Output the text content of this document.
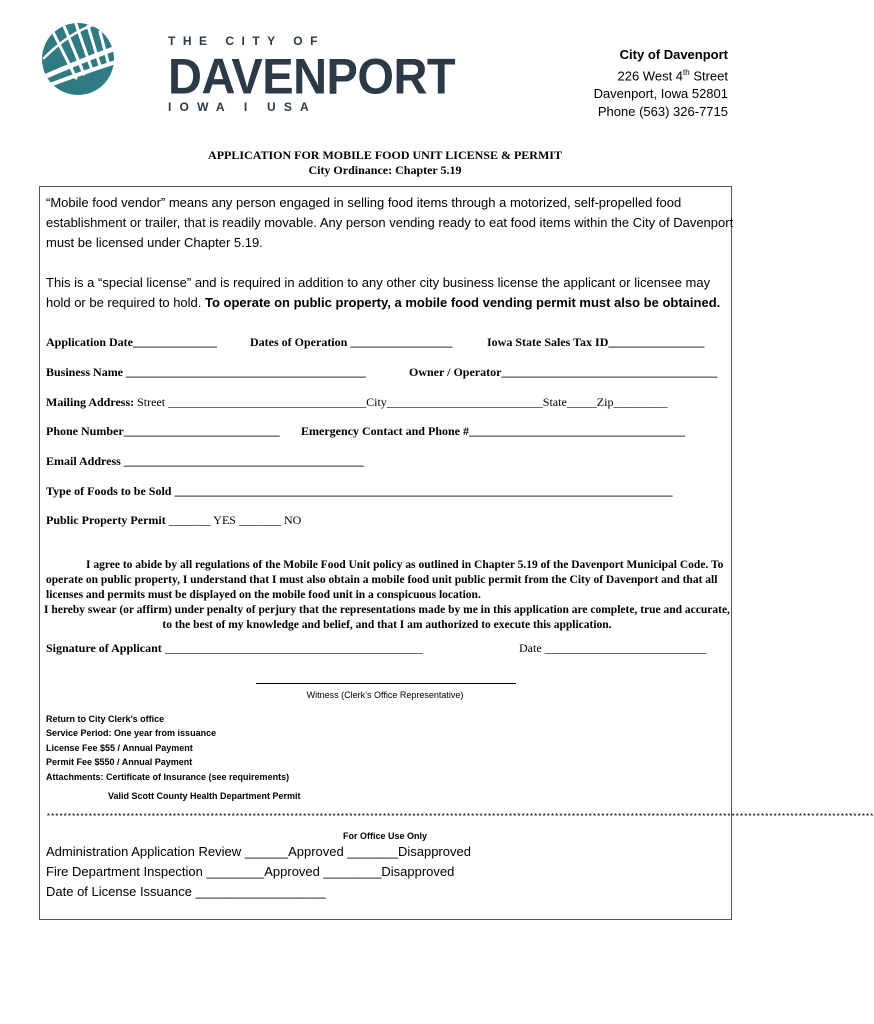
THE CITY OF
DAVENPORT
IOWA I USA
City of Davenport
226 West 4th Street
Davenport, Iowa 52801
Phone (563) 326-7715
APPLICATION FOR MOBILE FOOD UNIT LICENSE & PERMIT
City Ordinance: Chapter 5.19
“Mobile food vendor” means any person engaged in selling food items through a motorized, self-propelled food establishment or trailer, that is readily movable. Any person vending ready to eat food items within the City of Davenport must be licensed under Chapter 5.19.
This is a “special license” and is required in addition to any other city business license the applicant or licensee may hold or be required to hold. To operate on public property, a mobile food vending permit must also be obtained.
Application Date______________	Dates of Operation _________________	Iowa State Sales Tax ID________________
Business Name ________________________________________	Owner / Operator____________________________________
Mailing Address: Street _________________________________City__________________________State_____Zip_________
Phone Number__________________________ Emergency Contact and Phone #____________________________________
Email Address ________________________________________
Type of Foods to be Sold ___________________________________________________________________________________
Public Property Permit _______ YES _______ NO
I agree to abide by all regulations of the Mobile Food Unit policy as outlined in Chapter 5.19 of the Davenport Municipal Code. To operate on public property, I understand that I must also obtain a mobile food unit public permit from the City of Davenport and that all licenses and permits must be displayed on the mobile food unit in a conspicuous location.
I hereby swear (or affirm) under penalty of perjury that the representations made by me in this application are complete, true and accurate, to the best of my knowledge and belief, and that I am authorized to execute this application.
Signature of Applicant ___________________________________________	Date ___________________________
Witness (Clerk’s Office Representative)
Return to City Clerk’s office
Service Period: One year from issuance
License Fee $55 / Annual Payment
Permit Fee $550 / Annual Payment
Attachments: Certificate of Insurance (see requirements)
Valid Scott County Health Department Permit
*****************************************************************************************************************************************************************************************************
For Office Use Only
Administration Application Review ______Approved _______Disapproved
Fire Department Inspection ________Approved ________Disapproved
Date of License Issuance __________________
